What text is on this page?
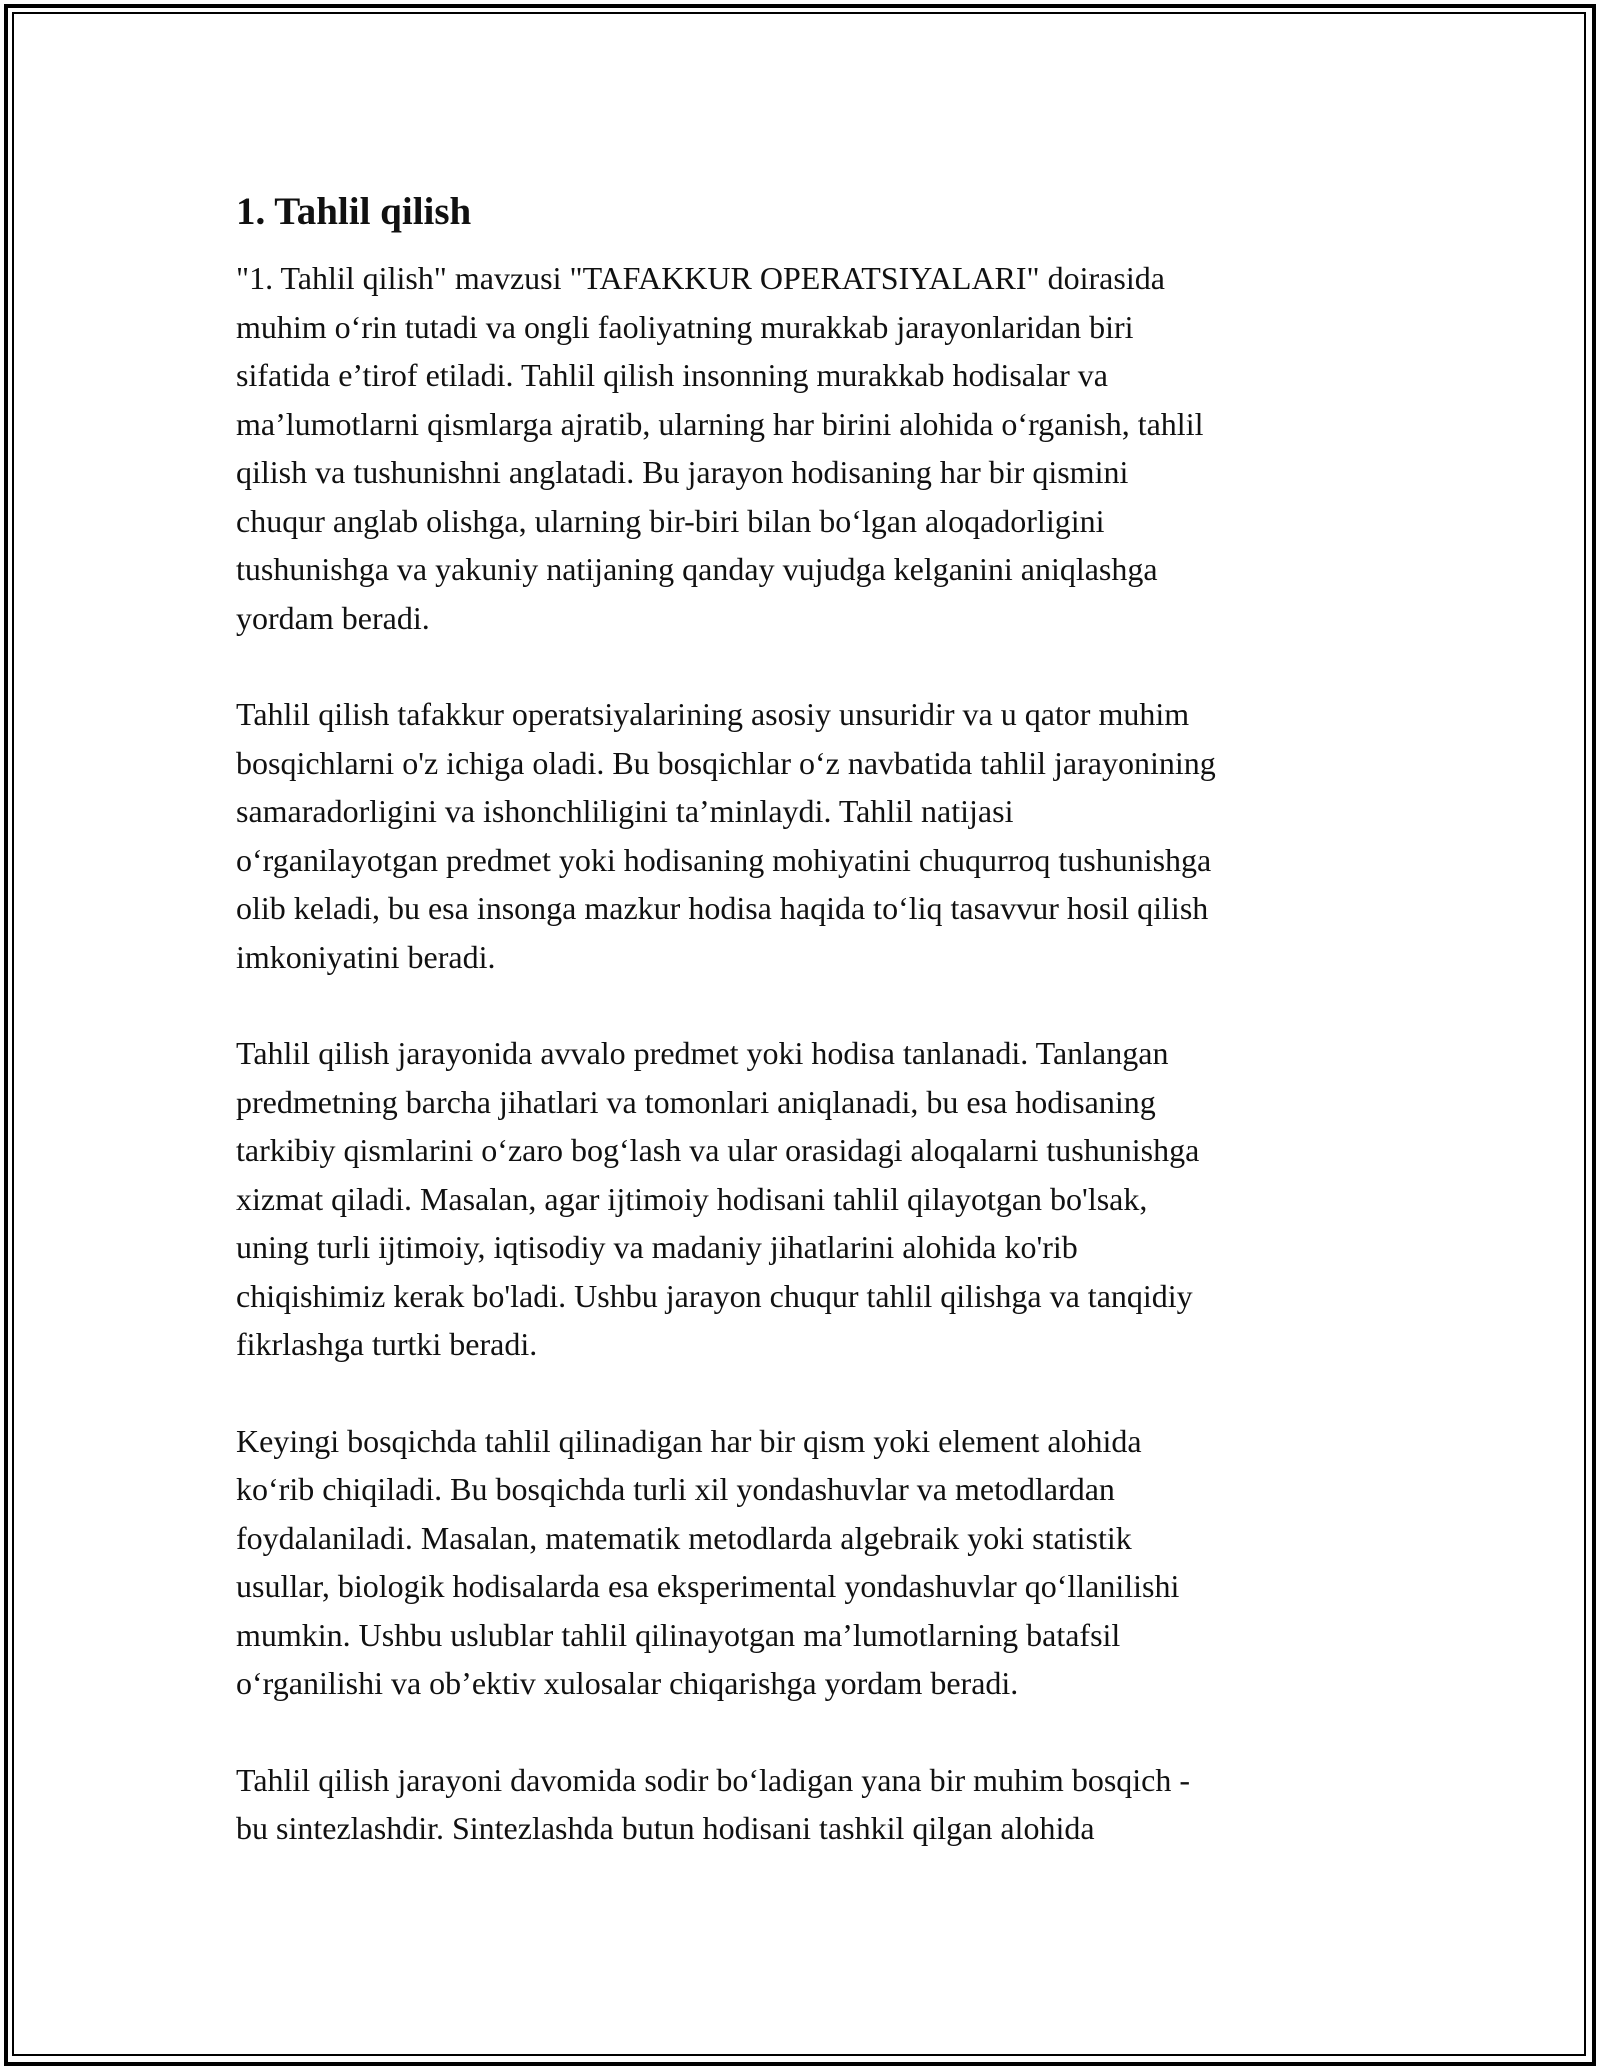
1. Tahlil qilish

"1. Tahlil qilish" mavzusi "TAFAKKUR OPERATSIYALARI" doirasida
muhim o‘rin tutadi va ongli faoliyatning murakkab jarayonlaridan biri
sifatida e’tirof etiladi. Tahlil qilish insonning murakkab hodisalar va
ma’lumotlarni qismlarga ajratib, ularning har birini alohida o‘rganish, tahlil
qilish va tushunishni anglatadi. Bu jarayon hodisaning har bir qismini
chuqur anglab olishga, ularning bir-biri bilan bo‘lgan aloqadorligini
tushunishga va yakuniy natijaning qanday vujudga kelganini aniqlashga
yordam beradi.

Tahlil qilish tafakkur operatsiyalarining asosiy unsuridir va u qator muhim
bosqichlarni o'z ichiga oladi. Bu bosqichlar o‘z navbatida tahlil jarayonining
samaradorligini va ishonchliligini ta’minlaydi. Tahlil natijasi
o‘rganilayotgan predmet yoki hodisaning mohiyatini chuqurroq tushunishga
olib keladi, bu esa insonga mazkur hodisa haqida to‘liq tasavvur hosil qilish
imkoniyatini beradi.

Tahlil qilish jarayonida avvalo predmet yoki hodisa tanlanadi. Tanlangan
predmetning barcha jihatlari va tomonlari aniqlanadi, bu esa hodisaning
tarkibiy qismlarini o‘zaro bog‘lash va ular orasidagi aloqalarni tushunishga
xizmat qiladi. Masalan, agar ijtimoiy hodisani tahlil qilayotgan bo'lsak,
uning turli ijtimoiy, iqtisodiy va madaniy jihatlarini alohida ko'rib
chiqishimiz kerak bo'ladi. Ushbu jarayon chuqur tahlil qilishga va tanqidiy
fikrlashga turtki beradi.

Keyingi bosqichda tahlil qilinadigan har bir qism yoki element alohida
ko‘rib chiqiladi. Bu bosqichda turli xil yondashuvlar va metodlardan
foydalaniladi. Masalan, matematik metodlarda algebraik yoki statistik
usullar, biologik hodisalarda esa eksperimental yondashuvlar qo‘llanilishi
mumkin. Ushbu uslublar tahlil qilinayotgan ma’lumotlarning batafsil
o‘rganilishi va ob’ektiv xulosalar chiqarishga yordam beradi.

Tahlil qilish jarayoni davomida sodir bo‘ladigan yana bir muhim bosqich -
bu sintezlashdir. Sintezlashda butun hodisani tashkil qilgan alohida
